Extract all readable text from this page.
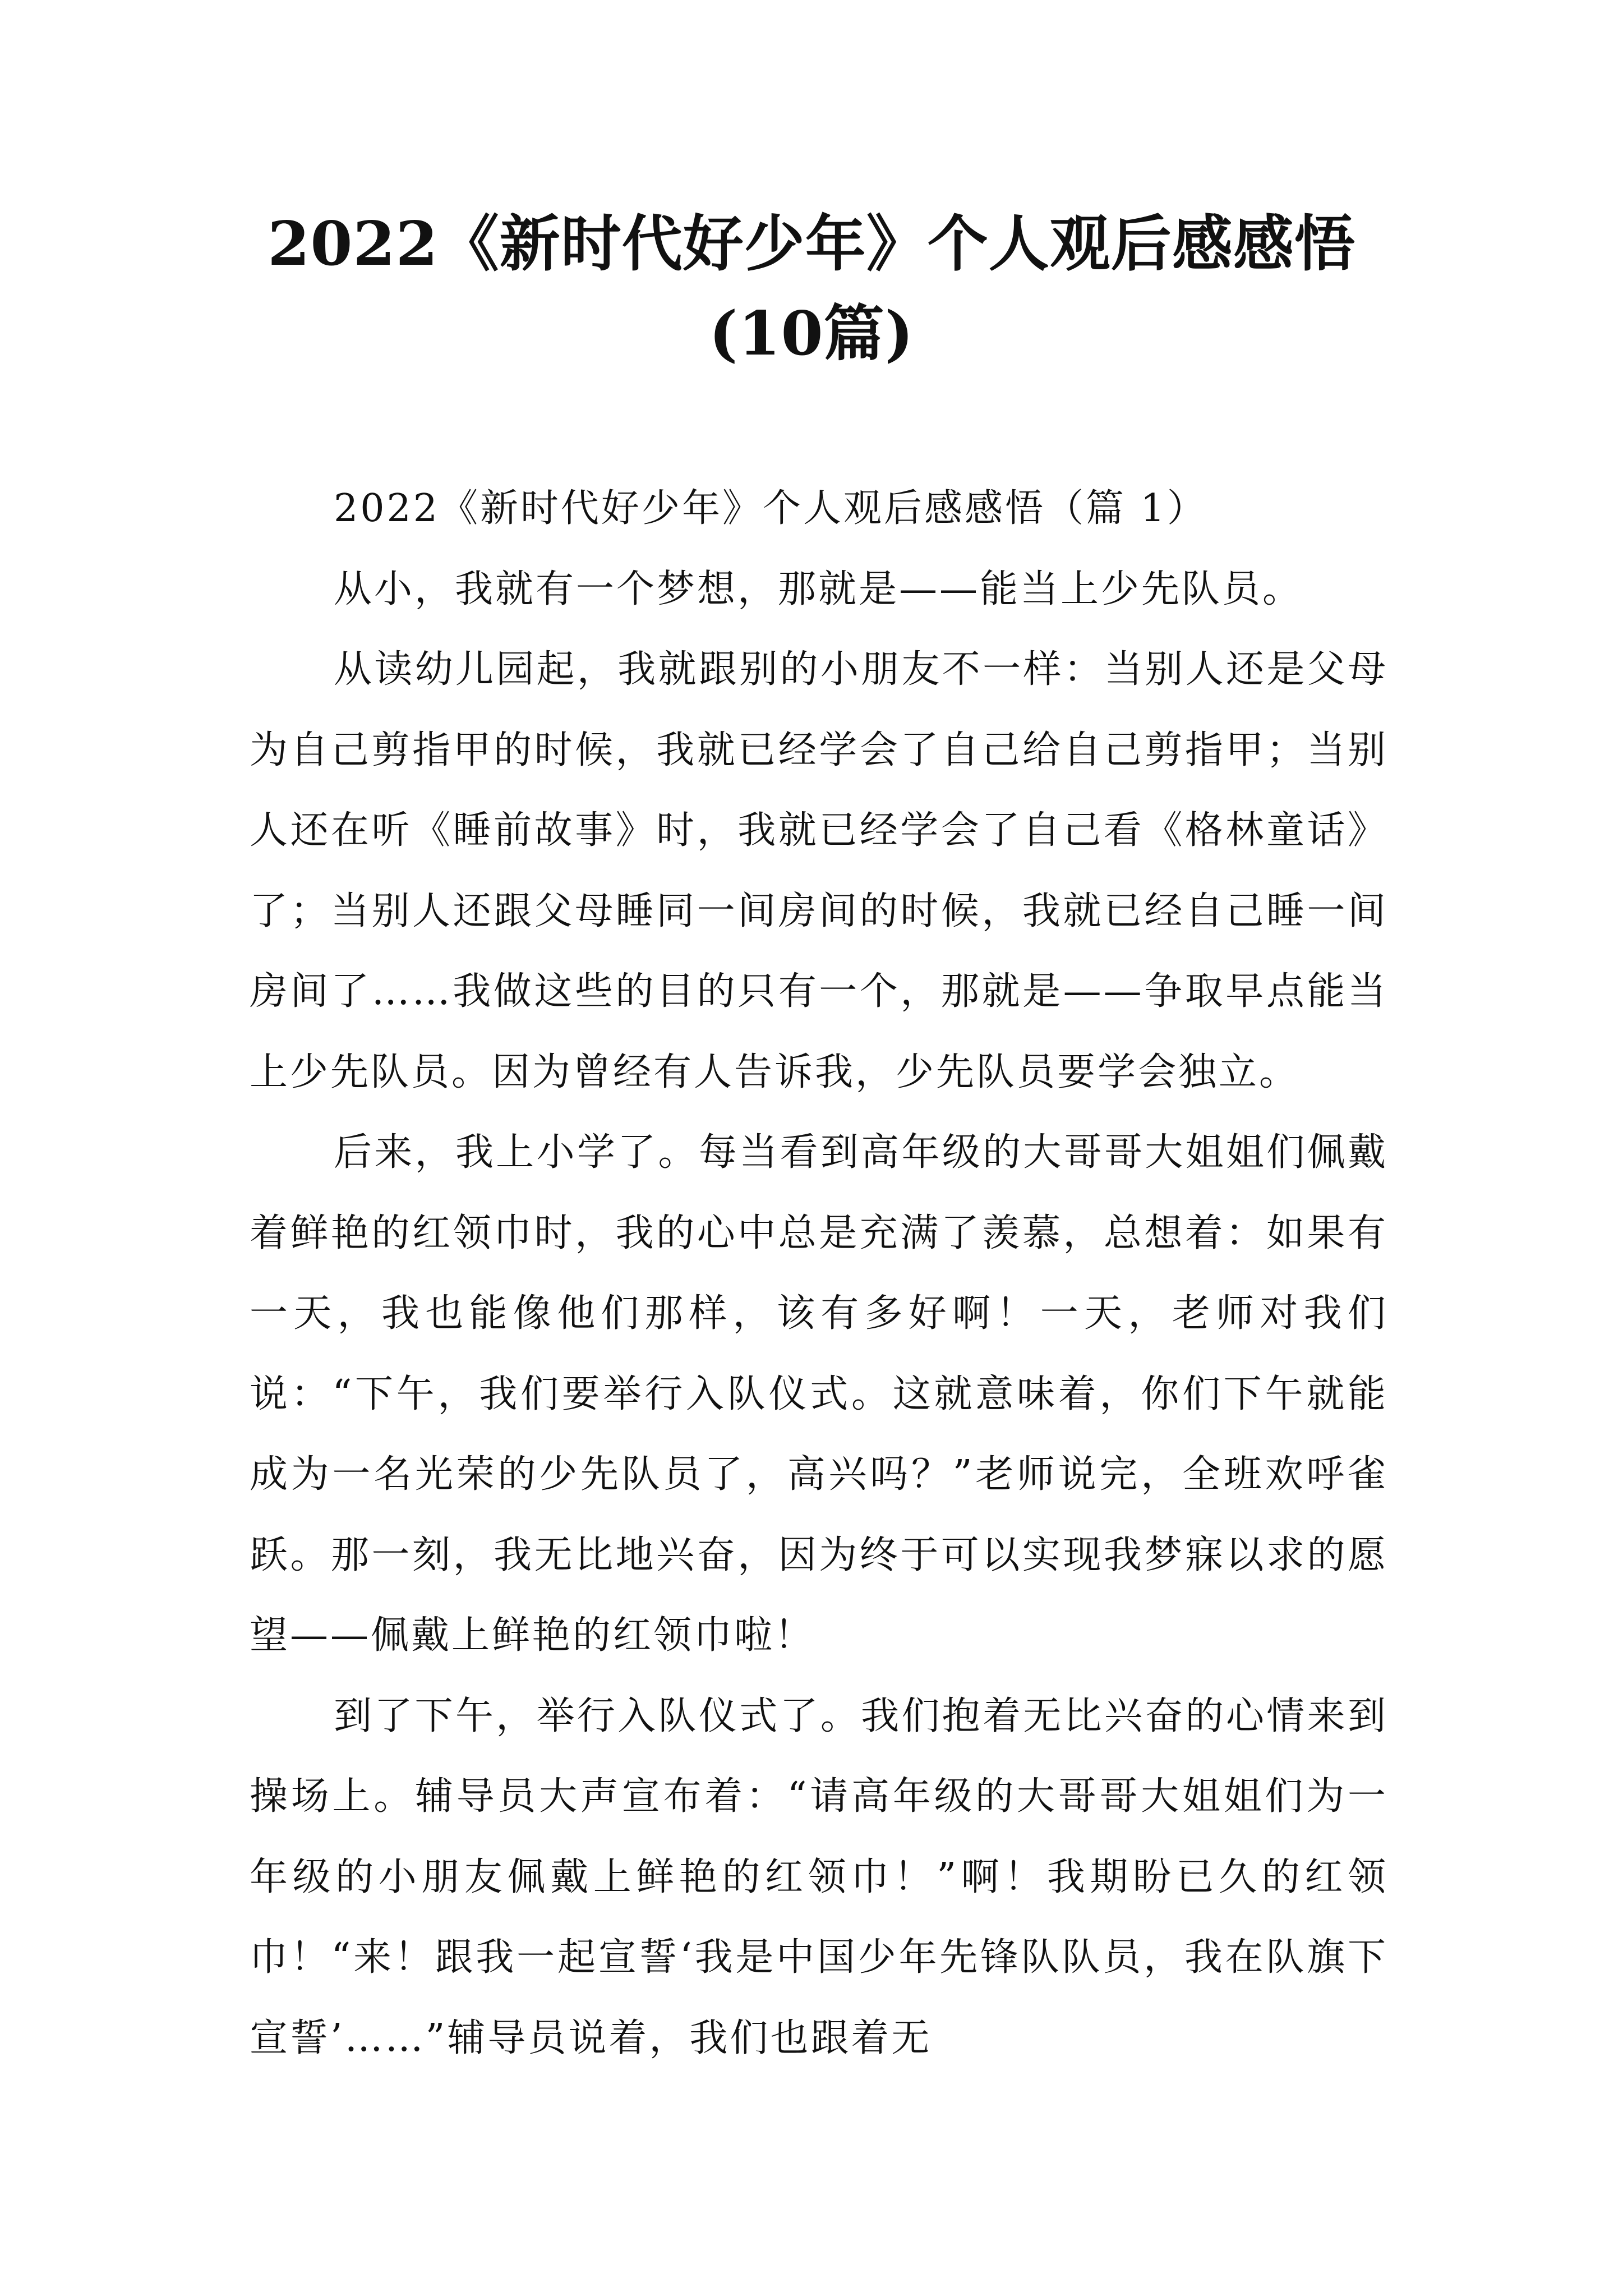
2022《新时代好少年》个人观后感感悟(10篇)

2022《新时代好少年》个人观后感感悟（篇 1）

从小，我就有一个梦想，那就是——能当上少先队员。

从读幼儿园起，我就跟别的小朋友不一样：当别人还是父母为自己剪指甲的时候，我就已经学会了自己给自己剪指甲；当别人还在听《睡前故事》时，我就已经学会了自己看《格林童话》了；当别人还跟父母睡同一间房间的时候，我就已经自己睡一间房间了……我做这些的目的只有一个，那就是——争取早点能当上少先队员。因为曾经有人告诉我，少先队员要学会独立。

后来，我上小学了。每当看到高年级的大哥哥大姐姐们佩戴着鲜艳的红领巾时，我的心中总是充满了羡慕，总想着：如果有一天，我也能像他们那样，该有多好啊！一天，老师对我们说：“下午，我们要举行入队仪式。这就意味着，你们下午就能成为一名光荣的少先队员了，高兴吗？”老师说完，全班欢呼雀跃。那一刻，我无比地兴奋，因为终于可以实现我梦寐以求的愿望——佩戴上鲜艳的红领巾啦！

到了下午，举行入队仪式了。我们抱着无比兴奋的心情来到操场上。辅导员大声宣布着：“请高年级的大哥哥大姐姐们为一年级的小朋友佩戴上鲜艳的红领巾！”啊！我期盼已久的红领巾！“来！跟我一起宣誓‘我是中国少年先锋队队员，我在队旗下宣誓’……”辅导员说着，我们也跟着无
